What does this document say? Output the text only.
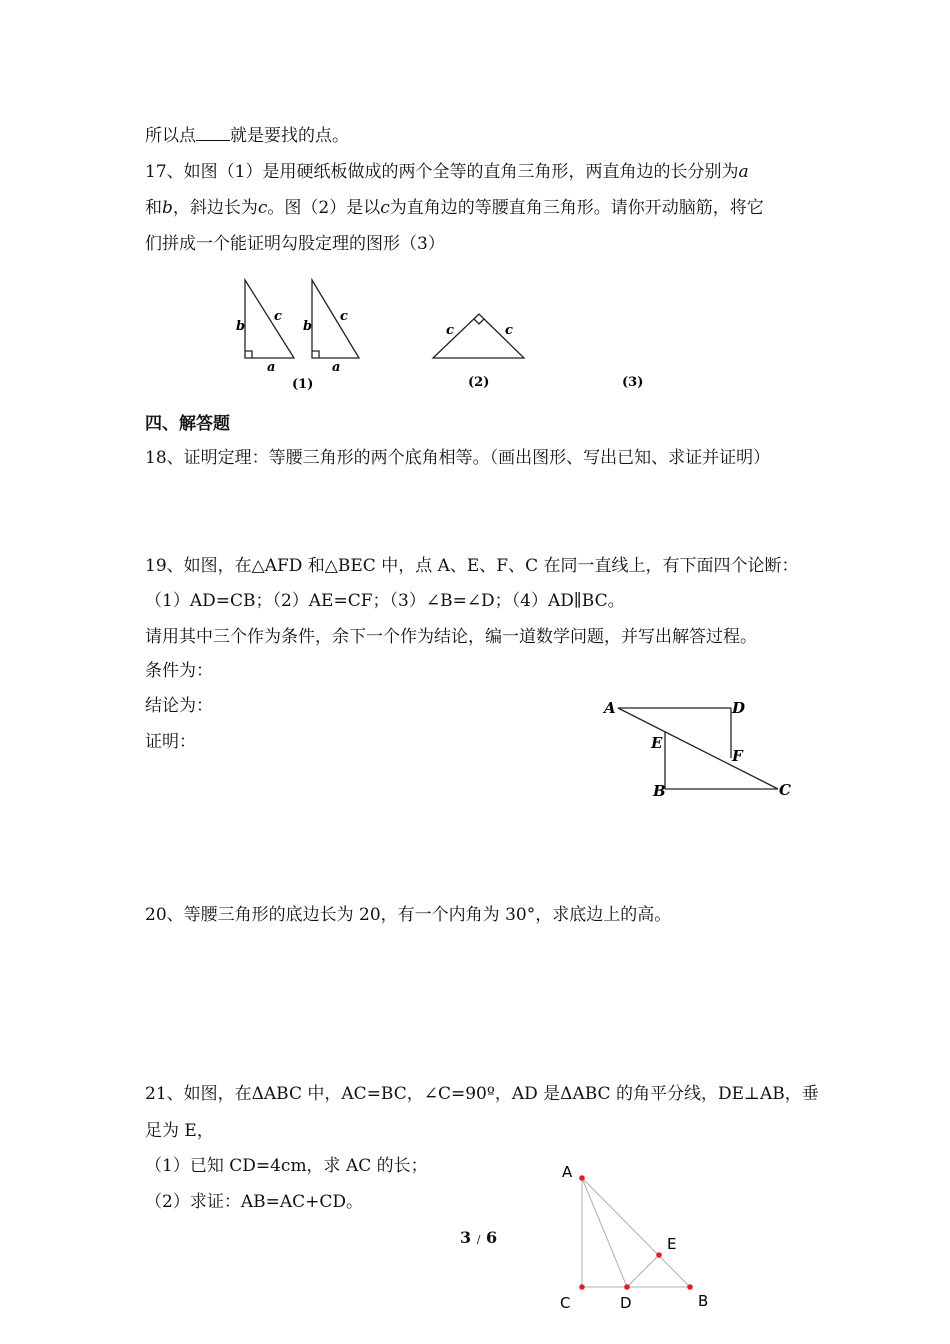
所以点 就是要找的点。
17、如图（1）是用硬纸板做成的两个全等的直角三角形，两直角边的长分别为a
和b，斜边长为c。图（2）是以c为直角边的等腰直角三角形。请你开动脑筋，将它
们拼成一个能证明勾股定理的图形（3）
b
c
a
b
c
a
c	c
(1)	(2)	(3)
四、解答题
18、证明定理：等腰三角形的两个底角相等。（画出图形、写出已知、求证并证明）
19、如图，在△AFD 和△BEC 中，点 A、E、F、C 在同一直线上，有下面四个论断：
（1）AD=CB；（2）AE=CF；（3）∠B=∠D；（4）AD∥BC。
请用其中三个作为条件，余下一个作为结论，编一道数学问题，并写出解答过程。
条件为：
结论为：
证明：
A	D
E
F
B	C
20、等腰三角形的底边长为 20，有一个内角为 30°，求底边上的高。
21、如图，在ΔABC 中，AC=BC，∠C=90º，AD 是ΔABC 的角平分线，DE⊥AB，垂
足为 E，
（1）已知 CD=4cm，求 AC 的长；
（2）求证：AB=AC+CD。
A
C	D	B
E
3 / 6
